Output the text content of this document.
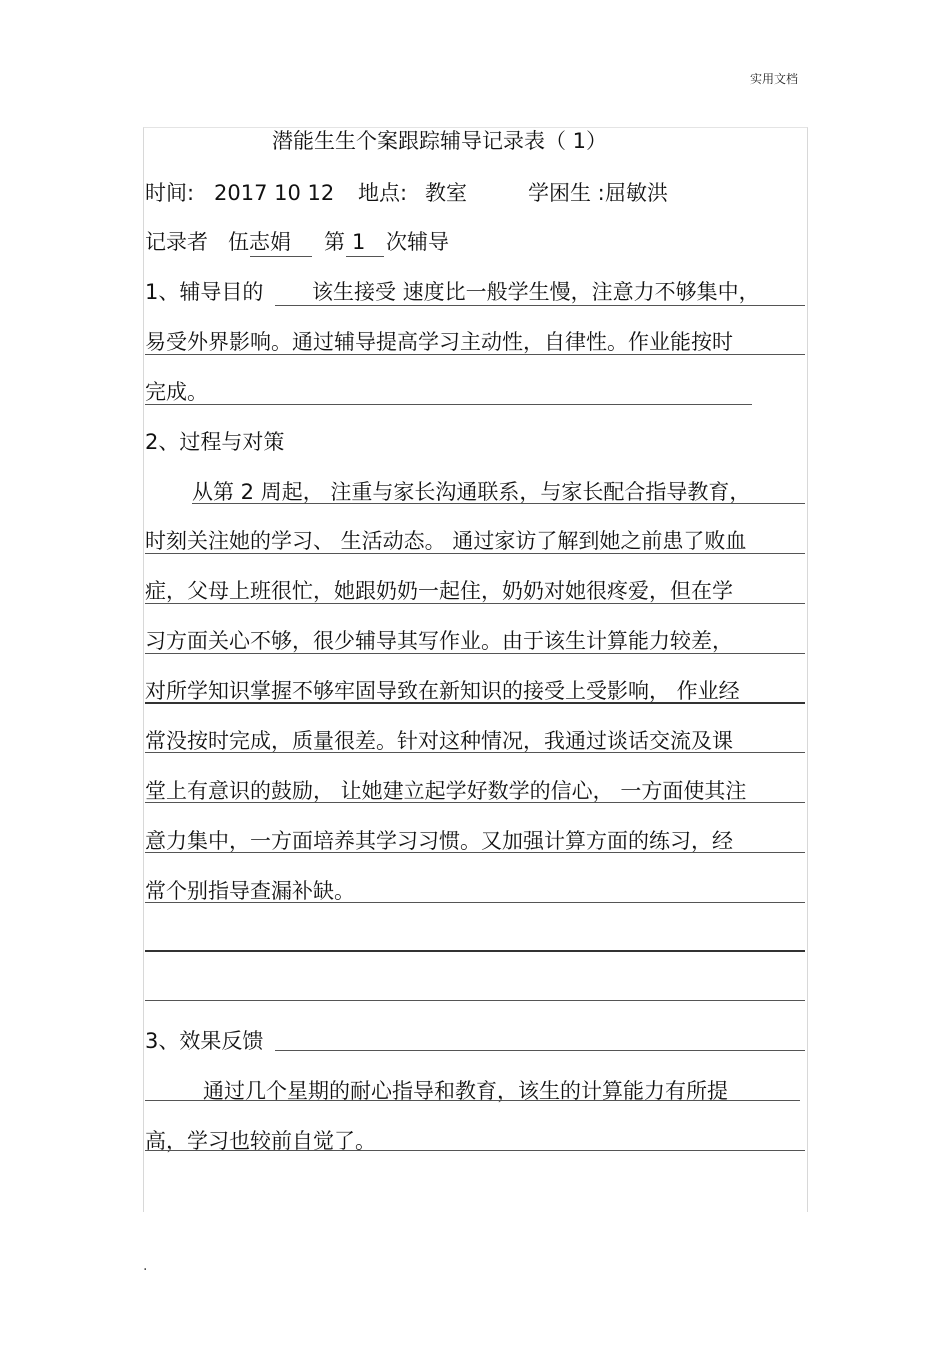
实用文档
潜能生生个案跟踪辅导记录表（ 1）
时间: 2017 10 12 地点: 教室	学困生 : 屈敏洪
记录者 伍志娟 第 1 次辅导
1、辅导目的 该生接受 速度比一般学生慢，注意力不够集中，
易受外界影响。通过辅导提高学习主动性，自律性。作业能按时
完成。
2、过程与对策
从第 2 周起， 注重与家长沟通联系，与家长配合指导教育，
时刻关注她的学习、 生活动态。 通过家访了解到她之前患了败血
症，父母上班很忙，她跟奶奶一起住，奶奶对她很疼爱，但在学
习方面关心不够，很少辅导其写作业。由于该生计算能力较差，
对所学知识掌握不够牢固导致在新知识的接受上受影响， 作业经
常没按时完成，质量很差。针对这种情况，我通过谈话交流及课
堂上有意识的鼓励， 让她建立起学好数学的信心， 一方面使其注
意力集中，一方面培养其学习习惯。又加强计算方面的练习，经
常个别指导查漏补缺。
3、效果反馈
通过几个星期的耐心指导和教育，该生的计算能力有所提
高，学习也较前自觉了。
.
